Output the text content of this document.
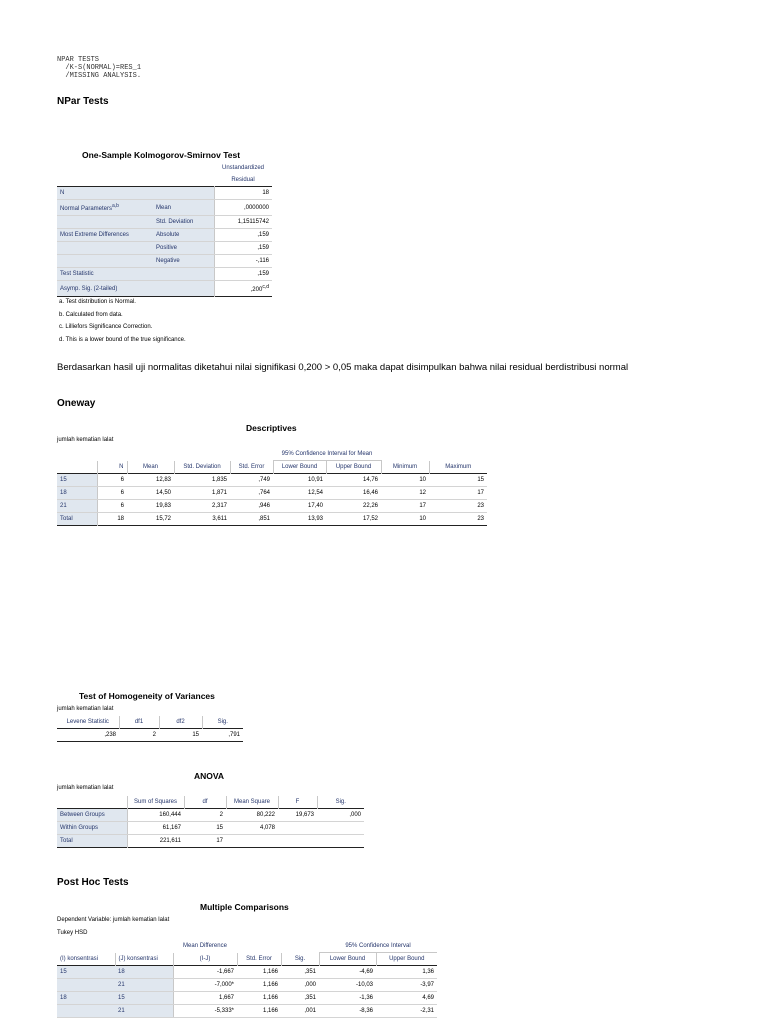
NPAR TESTS
/K-S(NORMAL)=RES_1
/MISSING ANALYSIS.
NPar Tests
One-Sample Kolmogorov-Smirnov Test
		Unstandardized
		Residual
N		18
Normal Parameters$^{a,b}$	Mean	,0000000
	Std. Deviation	1,15115742
Most Extreme Differences	Absolute	,159
	Positive	,159
	Negative	-,116
Test Statistic		,159
Asymp. Sig. (2-tailed)		,200$^{c,d}$
a. Test distribution is Normal.
b. Calculated from data.
c. Lilliefors Significance Correction.
d. This is a lower bound of the true significance.
Berdasarkan hasil uji normalitas diketahui nilai signifikasi 0,200 > 0,05 maka dapat disimpulkan bahwa nilai residual berdistribusi normal
Oneway
Descriptives
jumlah kematian lalat
					95% Confidence Interval for Mean			
	N	Mean	Std. Deviation	Std. Error	Lower Bound	Upper Bound	Minimum	Maximum
15	6	12,83	1,835	,749	10,91	14,76	10	15
18	6	14,50	1,871	,764	12,54	16,46	12	17
21	6	19,83	2,317	,946	17,40	22,26	17	23
Total	18	15,72	3,611	,851	13,93	17,52	10	23
Test of Homogeneity of Variances
jumlah kematian lalat
Levene Statistic	df1	df2	Sig.
,238	2	15	,791
ANOVA
jumlah kematian lalat
	Sum of Squares	df	Mean Square	F	Sig.
Between Groups	160,444	2	80,222	19,673	,000
Within Groups	61,167	15	4,078		
Total	221,611	17			
Post Hoc Tests
Multiple Comparisons
Dependent Variable: jumlah kematian lalat
Tukey HSD
		Mean Difference			95% Confidence Interval	
(I) konsentrasi	(J) konsentrasi	(I-J)	Std. Error	Sig.	Lower Bound	Upper Bound
15	18	-1,667	1,166	,351	-4,69	1,36
	21	-7,000*	1,166	,000	-10,03	-3,97
18	15	1,667	1,166	,351	-1,36	4,69
	21	-5,333*	1,166	,001	-8,36	-2,31
